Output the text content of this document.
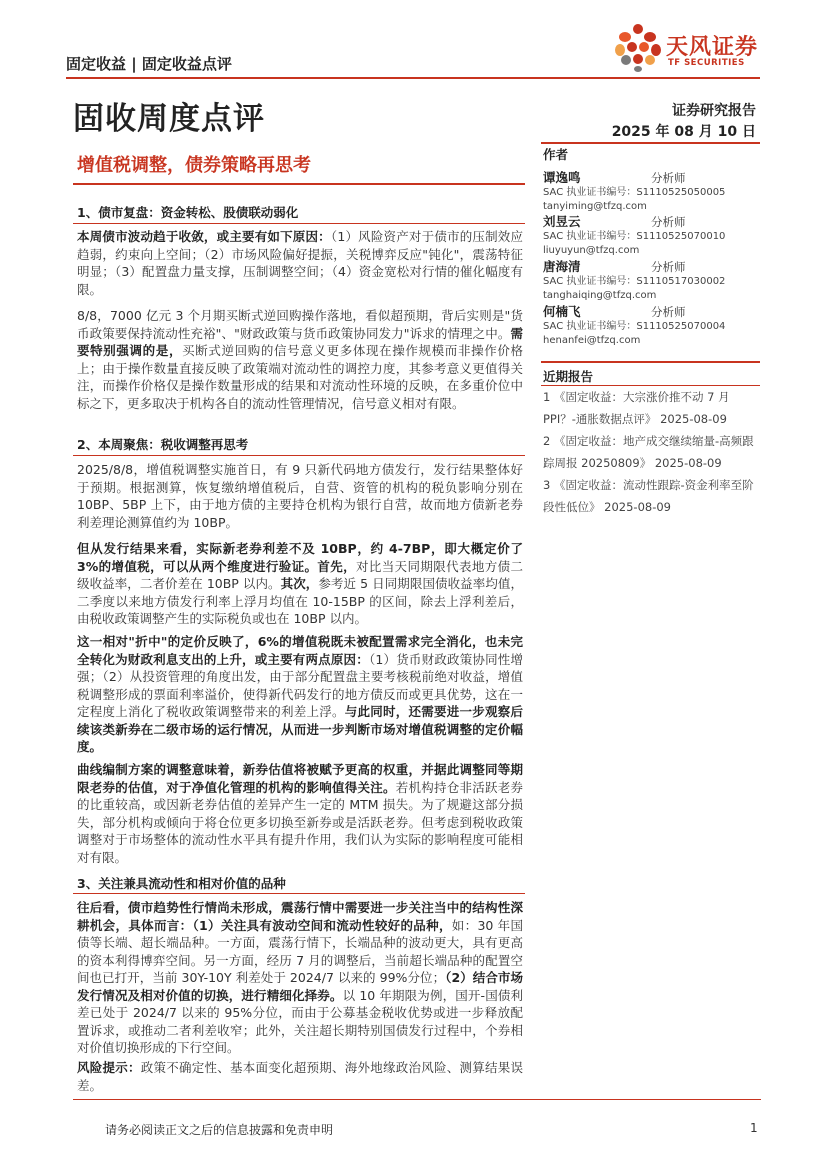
固定收益 | 固定收益点评
天风证券
TF SECURITIES
固收周度点评	证券研究报告
2025 年 08 月 10 日
增值税调整，债券策略再思考
1、债市复盘：资金转松、股债联动弱化
本周债市波动趋于收敛，或主要有如下原因：（1）风险资产对于债市的压制效应趋弱，约束向上空间；（2）市场风险偏好提振，关税博弈反应"钝化"，震荡特征明显；（3）配置盘力量支撑，压制调整空间；（4）资金宽松对行情的催化幅度有限。
8/8，7000 亿元 3 个月期买断式逆回购操作落地，看似超预期，背后实则是"货币政策要保持流动性充裕"、"财政政策与货币政策协同发力"诉求的情理之中。需要特别强调的是，买断式逆回购的信号意义更多体现在操作规模而非操作价格上；由于操作数量直接反映了政策端对流动性的调控力度，其参考意义更值得关注，而操作价格仅是操作数量形成的结果和对流动性环境的反映，在多重价位中标之下，更多取决于机构各自的流动性管理情况，信号意义相对有限。
2、本周聚焦：税收调整再思考
2025/8/8，增值税调整实施首日，有 9 只新代码地方债发行，发行结果整体好于预期。根据测算，恢复缴纳增值税后，自营、资管的机构的税负影响分别在 10BP、5BP 上下，由于地方债的主要持仓机构为银行自营，故而地方债新老券利差理论测算值约为 10BP。
但从发行结果来看，实际新老券利差不及 10BP，约 4-7BP，即大概定价了 3%的增值税，可以从两个维度进行验证。首先，对比当天同期限代表地方债二级收益率，二者价差在 10BP 以内。其次，参考近 5 日同期限国债收益率均值，二季度以来地方债发行利率上浮月均值在 10-15BP 的区间，除去上浮利差后，由税收政策调整产生的实际税负或也在 10BP 以内。
这一相对"折中"的定价反映了，6%的增值税既未被配置需求完全消化，也未完全转化为财政利息支出的上升，或主要有两点原因：（1）货币财政政策协同性增强；（2）从投资管理的角度出发，由于部分配置盘主要考核税前绝对收益，增值税调整形成的票面利率溢价，使得新代码发行的地方债反而或更具优势，这在一定程度上消化了税收政策调整带来的利差上浮。与此同时，还需要进一步观察后续该类新券在二级市场的运行情况，从而进一步判断市场对增值税调整的定价幅度。
曲线编制方案的调整意味着，新券估值将被赋予更高的权重，并据此调整同等期限老券的估值，对于净值化管理的机构的影响值得关注。若机构持仓非活跃老券的比重较高，或因新老券估值的差异产生一定的 MTM 损失。为了规避这部分损失，部分机构或倾向于将仓位更多切换至新券或是活跃老券。但考虑到税收政策调整对于市场整体的流动性水平具有提升作用，我们认为实际的影响程度可能相对有限。
3、关注兼具流动性和相对价值的品种
往后看，债市趋势性行情尚未形成，震荡行情中需要进一步关注当中的结构性深耕机会，具体而言：（1）关注具有波动空间和流动性较好的品种，如：30 年国债等长端、超长端品种。一方面，震荡行情下，长端品种的波动更大，具有更高的资本利得博弈空间。另一方面，经历 7 月的调整后，当前超长端品种的配置空间也已打开，当前 30Y-10Y 利差处于 2024/7 以来的 99%分位；（2）结合市场发行情况及相对价值的切换，进行精细化择券。以 10 年期限为例，国开-国债利差已处于 2024/7 以来的 95%分位，而由于公募基金税收优势或进一步释放配置诉求，或推动二者利差收窄；此外，关注超长期特别国债发行过程中，个券相对价值切换形成的下行空间。
风险提示：政策不确定性、基本面变化超预期、海外地缘政治风险、测算结果误差。
作者
谭逸鸣	分析师
SAC 执业证书编号：S1110525050005
tanyiming@tfzq.com
刘昱云	分析师
SAC 执业证书编号：S1110525070010
liuyuyun@tfzq.com
唐海清	分析师
SAC 执业证书编号：S1110517030002
tanghaiqing@tfzq.com
何楠飞	分析师
SAC 执业证书编号：S1110525070004
henanfei@tfzq.com
近期报告
1 《固定收益：大宗涨价推不动 7 月 PPI？-通胀数据点评》 2025-08-09
2 《固定收益：地产成交继续缩量-高频跟踪周报 20250809》 2025-08-09
3 《固定收益：流动性跟踪-资金利率至阶段性低位》 2025-08-09
请务必阅读正文之后的信息披露和免责申明	1
